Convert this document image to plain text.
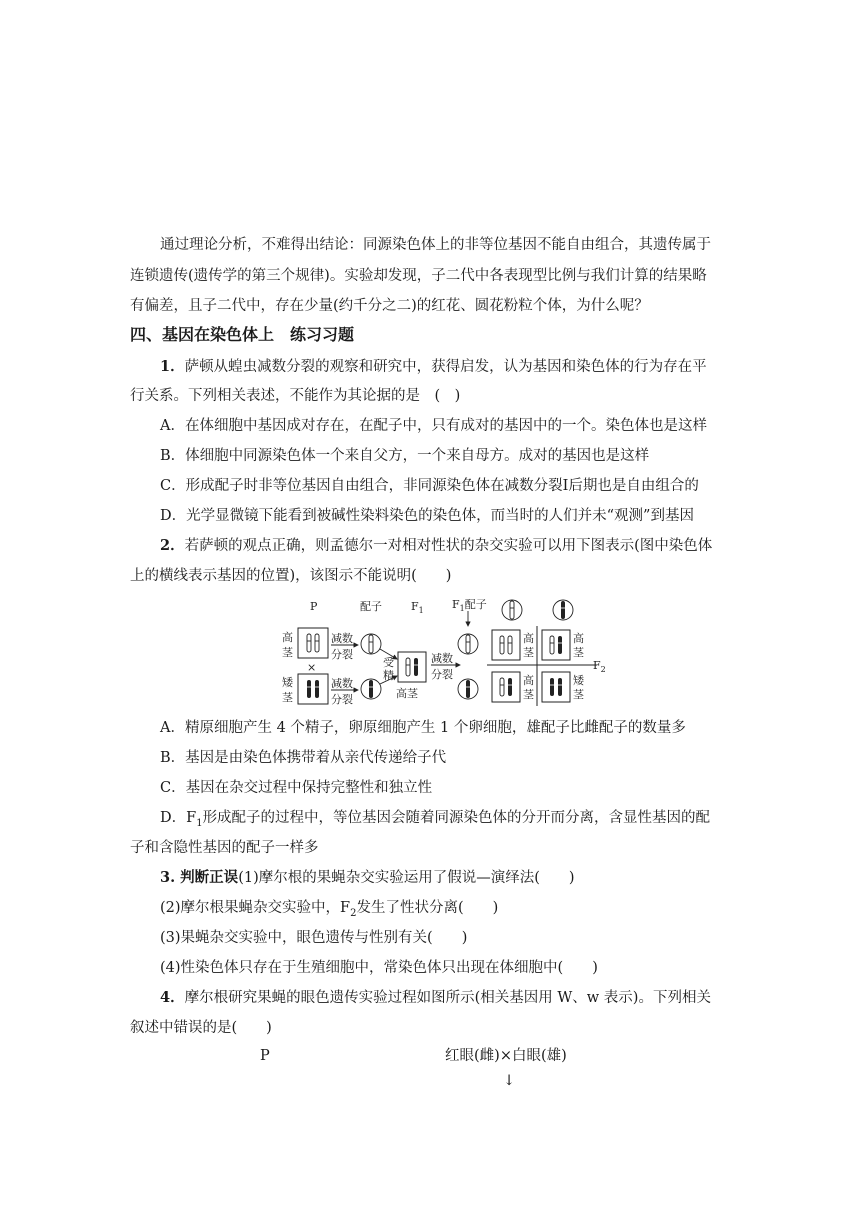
通过理论分析，不难得出结论：同源染色体上的非等位基因不能自由组合，其遗传属于
连锁遗传(遗传学的第三个规律)。实验却发现，子二代中各表现型比例与我们计算的结果略
有偏差，且子二代中，存在少量(约千分之二)的红花、圆花粉粒个体，为什么呢？
四、基因在染色体上　练习习题
1．萨顿从蝗虫减数分裂的观察和研究中，获得启发，认为基因和染色体的行为存在平
行关系。下列相关表述，不能作为其论据的是　(　)
A．在体细胞中基因成对存在，在配子中，只有成对的基因中的一个。染色体也是这样
B．体细胞中同源染色体一个来自父方，一个来自母方。成对的基因也是这样
C．形成配子时非等位基因自由组合，非同源染色体在减数分裂Ⅰ后期也是自由组合的
D．光学显微镜下能看到被碱性染料染色的染色体，而当时的人们并未“观测”到基因
2．若萨顿的观点正确，则孟德尔一对相对性状的杂交实验可以用下图表示(图中染色体
上的横线表示基因的位置)，该图示不能说明(　　)
P	配子	$F_1$	$F_1$配子
高
茎
减数
分裂
×
矮
茎
减数
分裂
受
精
高茎
减数
分裂
$F_2$
高
茎
高
茎
高
茎
矮
茎
A．精原细胞产生 4 个精子，卵原细胞产生 1 个卵细胞，雄配子比雌配子的数量多
B．基因是由染色体携带着从亲代传递给子代
C．基因在杂交过程中保持完整性和独立性
D．$F_1$形成配子的过程中，等位基因会随着同源染色体的分开而分离，含显性基因的配
子和含隐性基因的配子一样多
3. 判断正误(1)摩尔根的果蝇杂交实验运用了假说—演绎法(　　)
(2)摩尔根果蝇杂交实验中，$F_2$发生了性状分离(　　)
(3)果蝇杂交实验中，眼色遗传与性别有关(　　)
(4)性染色体只存在于生殖细胞中，常染色体只出现在体细胞中(　　)
4．摩尔根研究果蝇的眼色遗传实验过程如图所示(相关基因用 W、w 表示)。下列相关
叙述中错误的是(　　)
P	红眼(雌)×白眼(雄)
↓
